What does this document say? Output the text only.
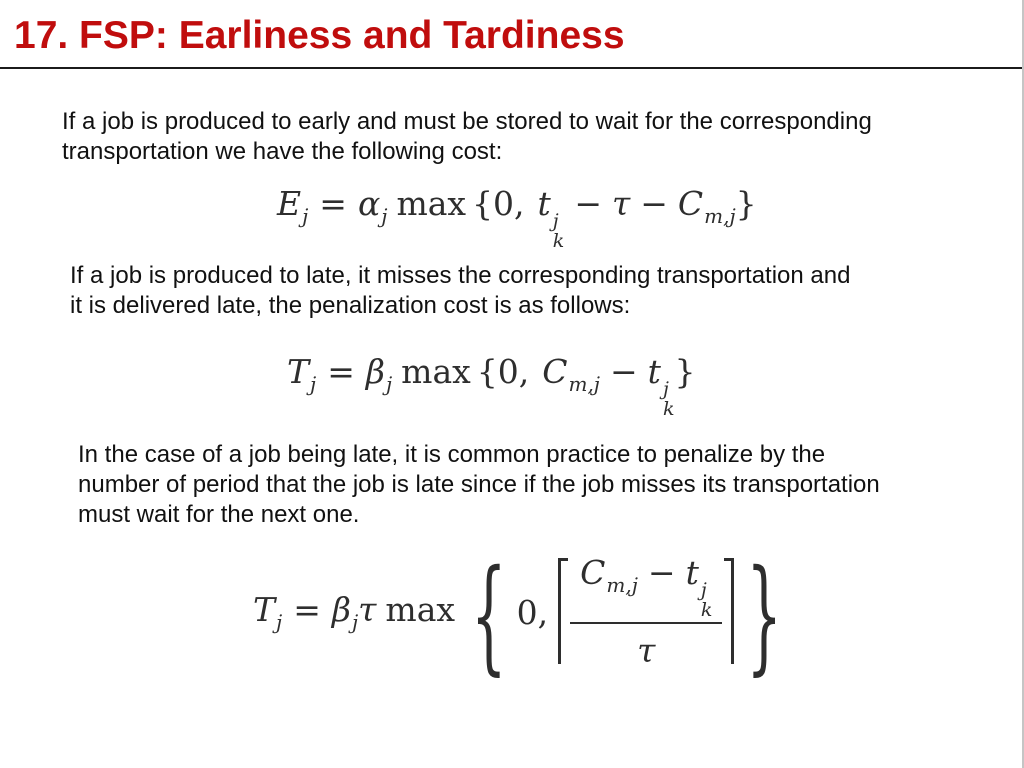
17. FSP: Earliness and Tardiness
If a job is produced to early and must be stored to wait for the corresponding
transportation we have the following cost:
$E_j = \alpha_j$ max {0, t j
k
− $\tau - C_{m,j}$}
If a job is produced to late, it misses the corresponding transportation and
it is delivered late, the penalization cost is as follows:
$T_j = \beta_j$ max {0, $C_{m,j} - t$ j
k
}
In the case of a job being late, it is common practice to penalize by the
number of period that the job is late since if the job misses its transportation
must wait for the next one.
$T_j = \beta_j\tau$ max { 0, $C_{m,j} - t$ j
k
τ }
